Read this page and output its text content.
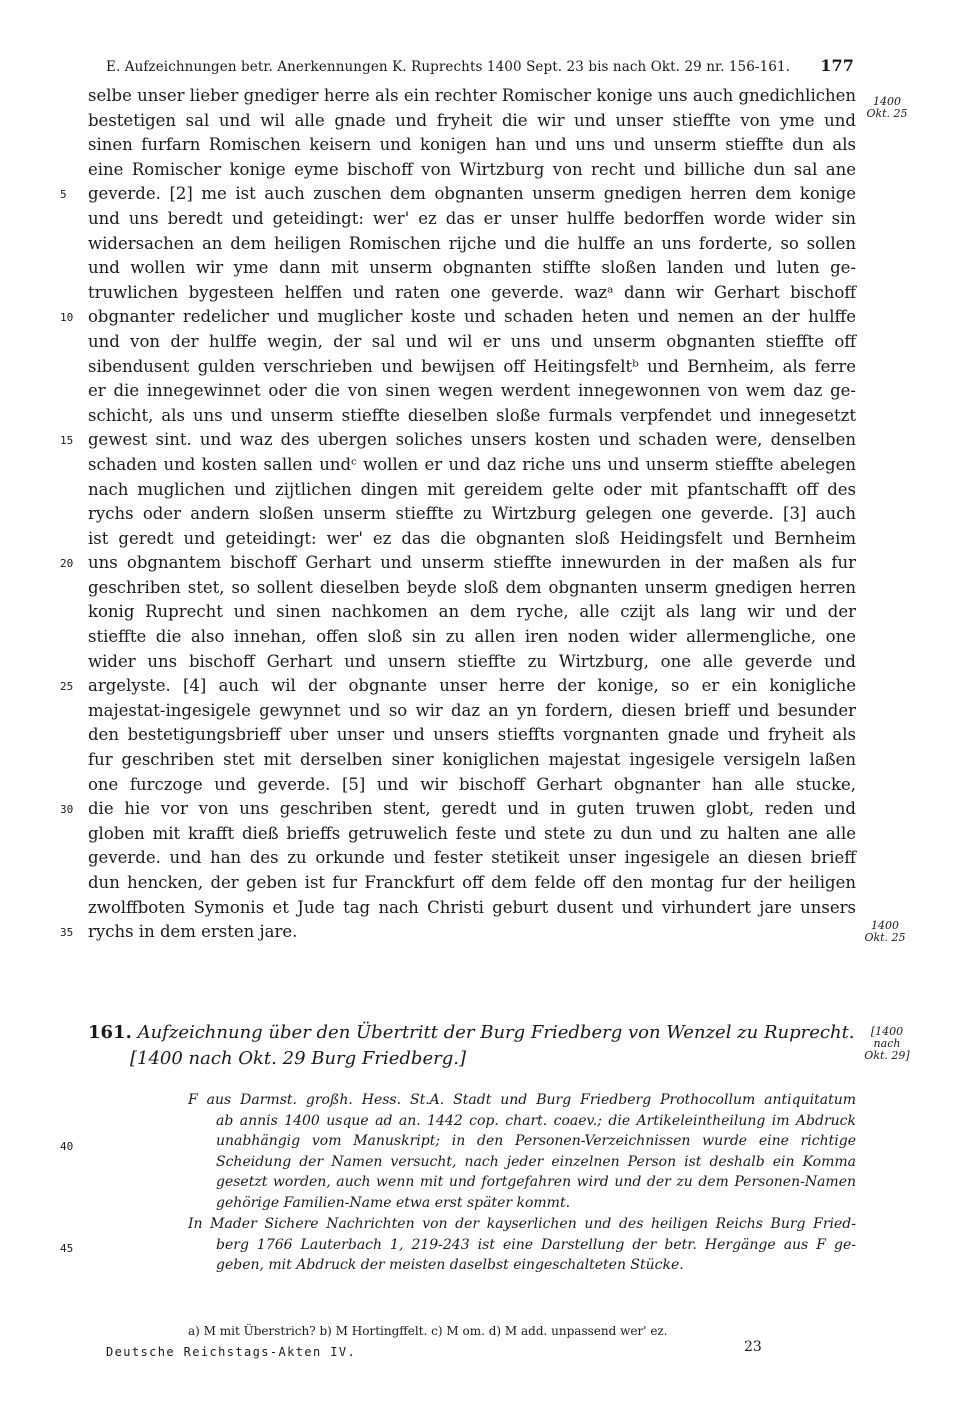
E. Aufzeichnungen betr. Anerkennungen K. Ruprechts 1400 Sept. 23 bis nach Okt. 29 nr. 156-161. 177
1400
Okt. 25
selbe unser lieber gnediger herre als ein rechter Romischer konige uns auch gnedichlichen
bestetigen sal und wil alle gnade und fryheit die wir und unser stieffte von yme und
sinen furfarn Romischen keisern und konigen han und uns und unserm stieffte dun als
eine Romischer konige eyme bischoff von Wirtzburg von recht und billiche dun sal ane
geverde. [2] me ist auch zuschen dem obgnanten unserm gnedigen herren dem konige
und uns beredt und geteidingt: wer' ez das er unser hulffe bedorffen worde wider sin
widersachen an dem heiligen Romischen rijche und die hulffe an uns forderte, so sollen
und wollen wir yme dann mit unserm obgnanten stiffte sloßen landen und luten ge-
truwlichen bygesteen helffen und raten one geverde. wazᵃ dann wir Gerhart bischoff
obgnanter redelicher und muglicher koste und schaden heten und nemen an der hulffe
und von der hulffe wegin, der sal und wil er uns und unserm obgnanten stieffte off
sibendusent gulden verschrieben und bewijsen off Heitingsfeltᵇ und Bernheim, als ferre
er die innegewinnet oder die von sinen wegen werdent innegewonnen von wem daz ge-
schicht, als uns und unserm stieffte dieselben sloße furmals verpfendet und innegesetzt
gewest sint. und waz des ubergen soliches unsers kosten und schaden were, denselben
schaden und kosten sallen undᶜ wollen er und daz riche uns und unserm stieffte abelegen
nach muglichen und zijtlichen dingen mit gereidem gelte oder mit pfantschafft off des
rychs oder andern sloßen unserm stieffte zu Wirtzburg gelegen one geverde. [3] auch
ist geredt und geteidingt: wer' ez das die obgnanten sloß Heidingsfelt und Bernheim
uns obgnantem bischoff Gerhart und unserm stieffte innewurden in der maßen als fur
geschriben stet, so sollent dieselben beyde sloß dem obgnanten unserm gnedigen herren
konig Ruprecht und sinen nachkomen an dem ryche, alle czijt als lang wir und der
stieffte die also innehan, offen sloß sin zu allen iren noden wider allermengliche, one
wider uns bischoff Gerhart und unsern stieffte zu Wirtzburg, one alle geverde und
argelyste. [4] auch wil der obgnante unser herre der konige, so er ein konigliche
majestat-ingesigele gewynnet und so wir daz an yn fordern, diesen brieff und besunder
den bestetigungsbrieff uber unser und unsers stieffts vorgnanten gnade und fryheit als
fur geschriben stet mit derselben siner koniglichen majestat ingesigele versigeln laßen
one furczoge und geverde. [5] und wir bischoff Gerhart obgnanter han alle stucke,
die hie vor von uns geschriben stent, geredt und in guten truwen globt, reden und
globen mit krafft dieß brieffs getruwelich feste und stete zu dun und zu halten ane alle
geverde. und han des zu orkunde und fester stetikeit unser ingesigele an diesen brieff
dun hencken, der geben ist fur Franckfurt off dem felde off den montag fur der heiligen
zwolffboten Symonis et Jude tag nach Christi geburt dusent und virhundert jare unsers
rychs in dem ersten jare.
5
10
15
20
25
30
35
40
45
1400
Okt. 25
161. Aufzeichnung über den Übertritt der Burg Friedberg von Wenzel zu Ruprecht.
[1400 nach Okt. 29 Burg Friedberg.]
[1400
nach
Okt. 29]
F aus Darmst. großh. Hess. St.A. Stadt und Burg Friedberg Prothocollum antiquitatum
ab annis 1400 usque ad an. 1442 cop. chart. coaev.; die Artikeleintheilung im Abdruck
unabhängig vom Manuskript; in den Personen-Verzeichnissen wurde eine richtige
Scheidung der Namen versucht, nach jeder einzelnen Person ist deshalb ein Komma
gesetzt worden, auch wenn mit und fortgefahren wird und der zu dem Personen-Namen
gehörige Familien-Name etwa erst später kommt.
In Mader Sichere Nachrichten von der kayserlichen und des heiligen Reichs Burg Fried-
berg 1766 Lauterbach 1, 219-243 ist eine Darstellung der betr. Hergänge aus F ge-
geben, mit Abdruck der meisten daselbst eingeschalteten Stücke.
a) M mit Überstrich? b) M Hortingffelt. c) M om. d) M add. unpassend wer' ez.
Deutsche Reichstags-Akten IV.	23
